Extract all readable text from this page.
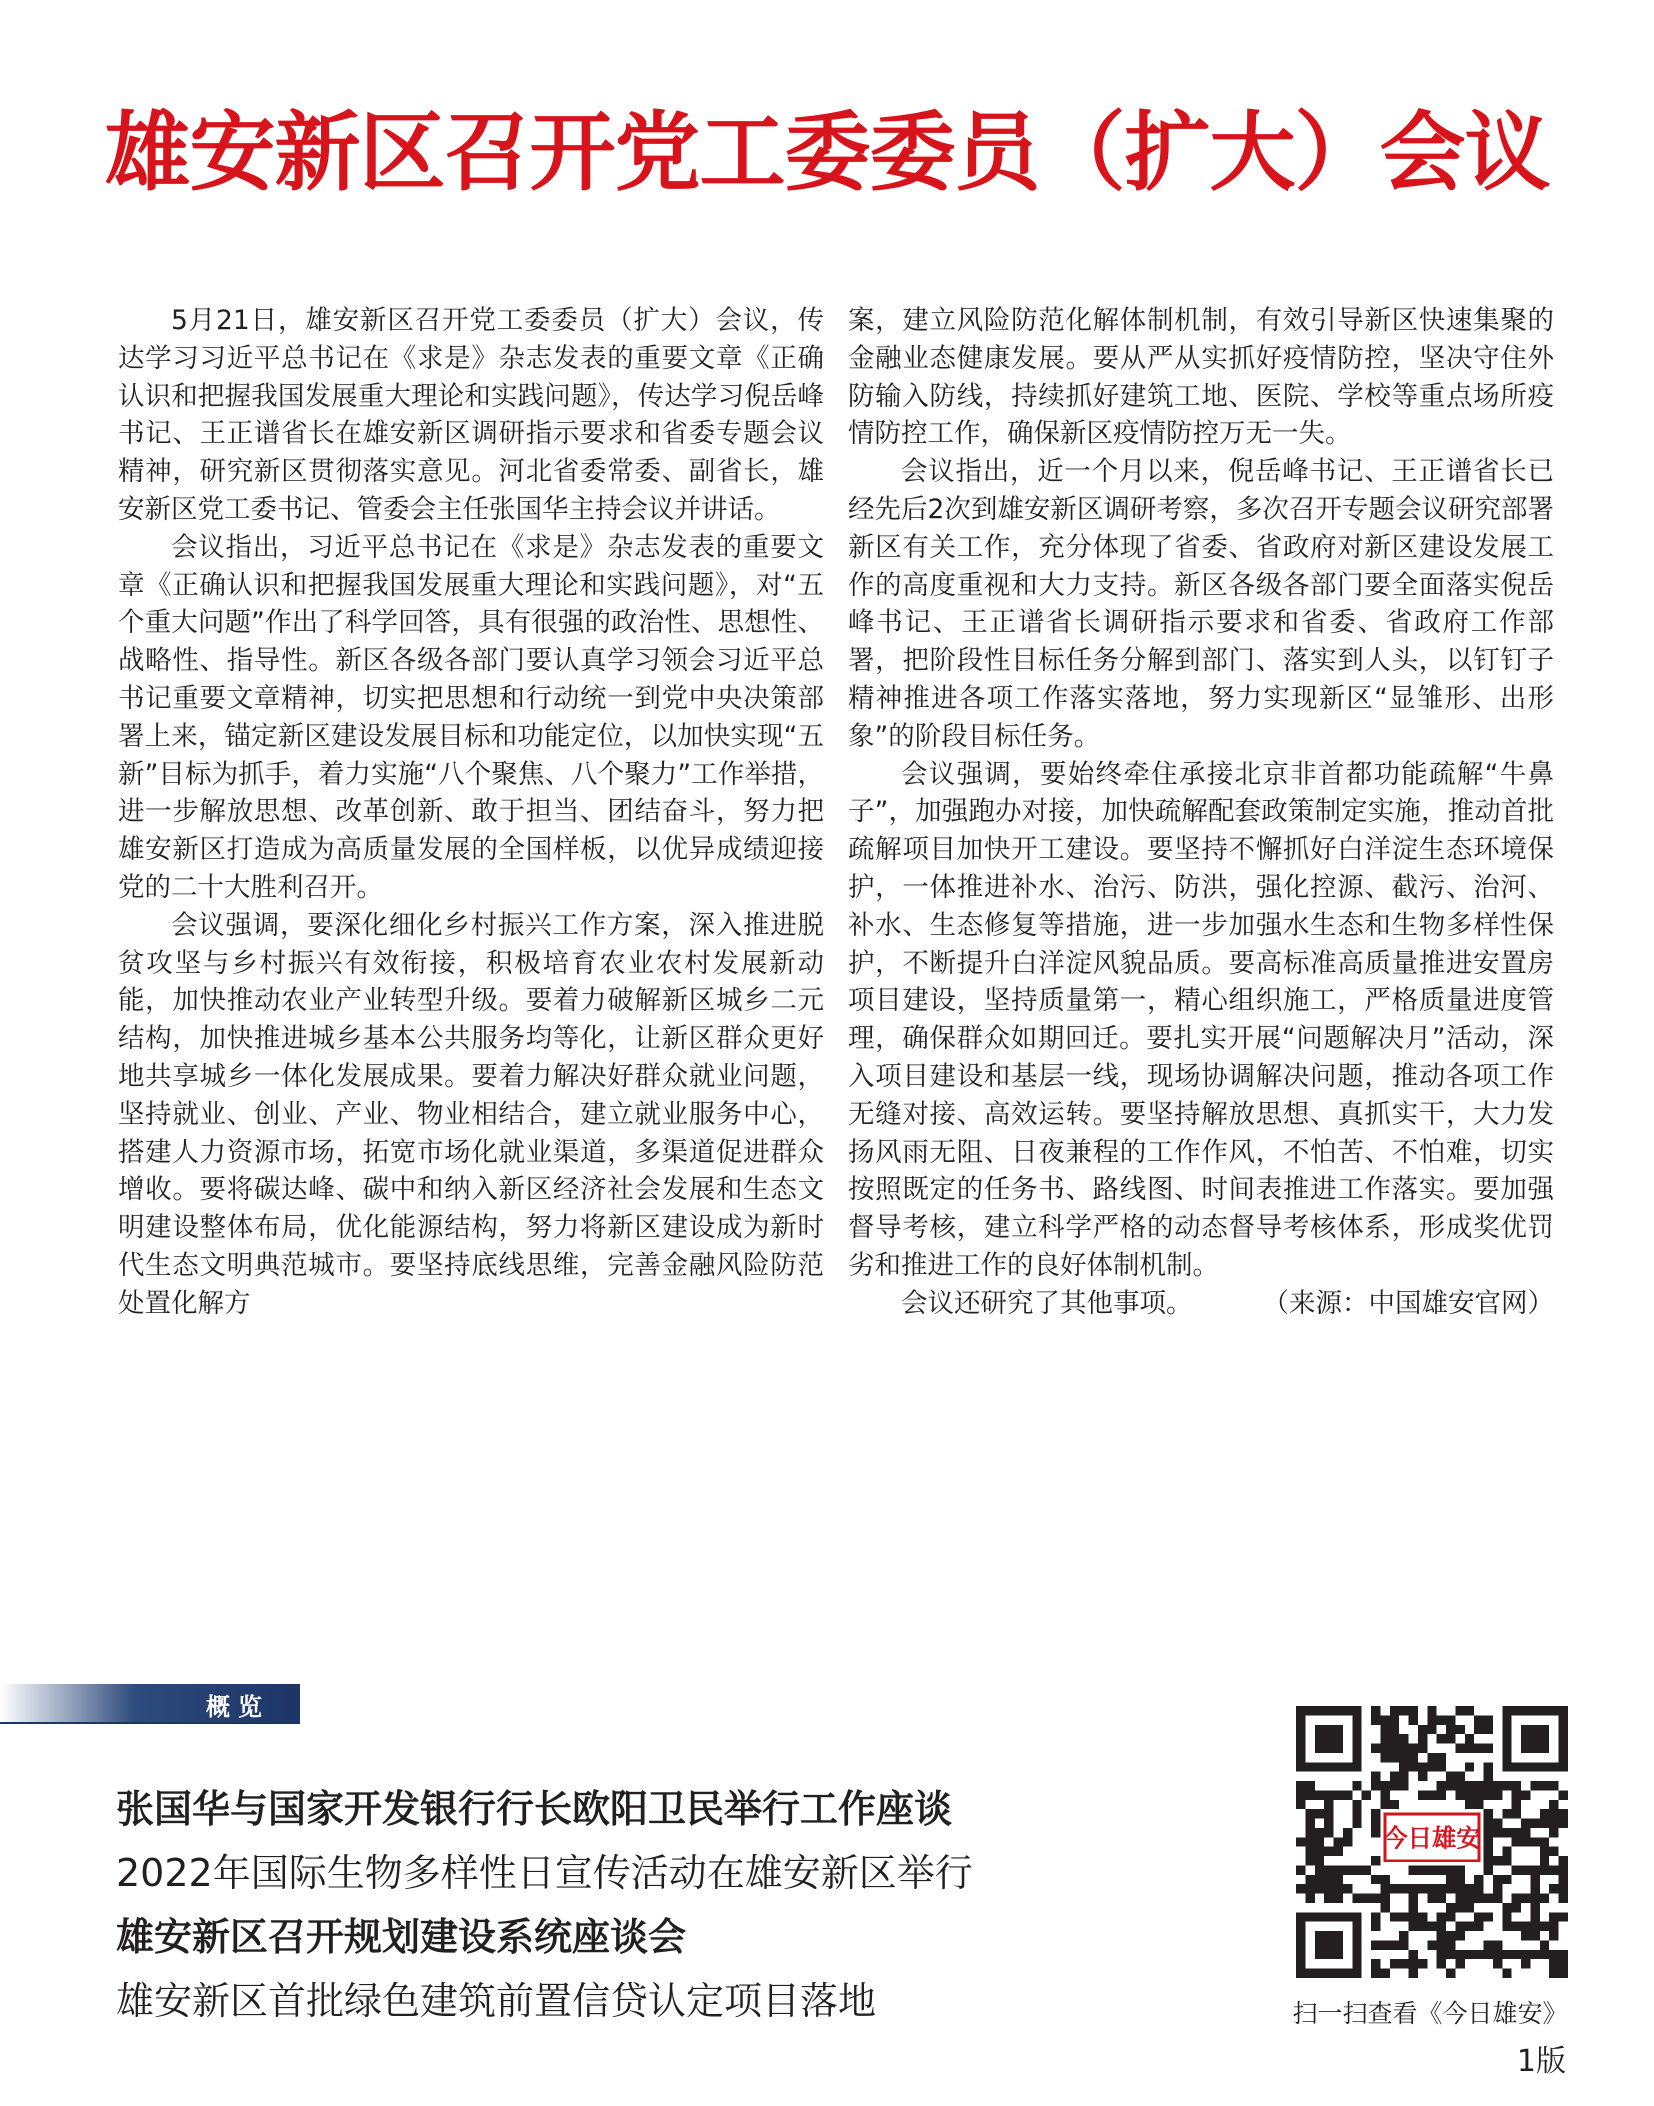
雄安新区召开党工委委员（扩大）会议

5月21日，雄安新区召开党工委委员（扩大）会议，传达学习习近平总书记在《求是》杂志发表的重要文章《正确认识和把握我国发展重大理论和实践问题》，传达学习倪岳峰书记、王正谱省长在雄安新区调研指示要求和省委专题会议精神，研究新区贯彻落实意见。河北省委常委、副省长，雄安新区党工委书记、管委会主任张国华主持会议并讲话。

会议指出，习近平总书记在《求是》杂志发表的重要文章《正确认识和把握我国发展重大理论和实践问题》，对“五个重大问题”作出了科学回答，具有很强的政治性、思想性、战略性、指导性。新区各级各部门要认真学习领会习近平总书记重要文章精神，切实把思想和行动统一到党中央决策部署上来，锚定新区建设发展目标和功能定位，以加快实现“五新”目标为抓手，着力实施“八个聚焦、八个聚力”工作举措，进一步解放思想、改革创新、敢于担当、团结奋斗，努力把雄安新区打造成为高质量发展的全国样板，以优异成绩迎接党的二十大胜利召开。

会议强调，要深化细化乡村振兴工作方案，深入推进脱贫攻坚与乡村振兴有效衔接，积极培育农业农村发展新动能，加快推动农业产业转型升级。要着力破解新区城乡二元结构，加快推进城乡基本公共服务均等化，让新区群众更好地共享城乡一体化发展成果。要着力解决好群众就业问题，坚持就业、创业、产业、物业相结合，建立就业服务中心，搭建人力资源市场，拓宽市场化就业渠道，多渠道促进群众增收。要将碳达峰、碳中和纳入新区经济社会发展和生态文明建设整体布局，优化能源结构，努力将新区建设成为新时代生态文明典范城市。要坚持底线思维，完善金融风险防范处置化解方

案，建立风险防范化解体制机制，有效引导新区快速集聚的金融业态健康发展。要从严从实抓好疫情防控，坚决守住外防输入防线，持续抓好建筑工地、医院、学校等重点场所疫情防控工作，确保新区疫情防控万无一失。

会议指出，近一个月以来，倪岳峰书记、王正谱省长已经先后2次到雄安新区调研考察，多次召开专题会议研究部署新区有关工作，充分体现了省委、省政府对新区建设发展工作的高度重视和大力支持。新区各级各部门要全面落实倪岳峰书记、王正谱省长调研指示要求和省委、省政府工作部署，把阶段性目标任务分解到部门、落实到人头，以钉钉子精神推进各项工作落实落地，努力实现新区“显雏形、出形象”的阶段目标任务。

会议强调，要始终牵住承接北京非首都功能疏解“牛鼻子”，加强跑办对接，加快疏解配套政策制定实施，推动首批疏解项目加快开工建设。要坚持不懈抓好白洋淀生态环境保护，一体推进补水、治污、防洪，强化控源、截污、治河、补水、生态修复等措施，进一步加强水生态和生物多样性保护，不断提升白洋淀风貌品质。要高标准高质量推进安置房项目建设，坚持质量第一，精心组织施工，严格质量进度管理，确保群众如期回迁。要扎实开展“问题解决月”活动，深入项目建设和基层一线，现场协调解决问题，推动各项工作无缝对接、高效运转。要坚持解放思想、真抓实干，大力发扬风雨无阻、日夜兼程的工作作风，不怕苦、不怕难，切实按照既定的任务书、路线图、时间表推进工作落实。要加强督导考核，建立科学严格的动态督导考核体系，形成奖优罚劣和推进工作的良好体制机制。

会议还研究了其他事项。	（来源：中国雄安官网）
概览
张国华与国家开发银行行长欧阳卫民举行工作座谈
2022年国际生物多样性日宣传活动在雄安新区举行
雄安新区召开规划建设系统座谈会
雄安新区首批绿色建筑前置信贷认定项目落地
今日雄安
扫一扫查看《今日雄安》
1版
